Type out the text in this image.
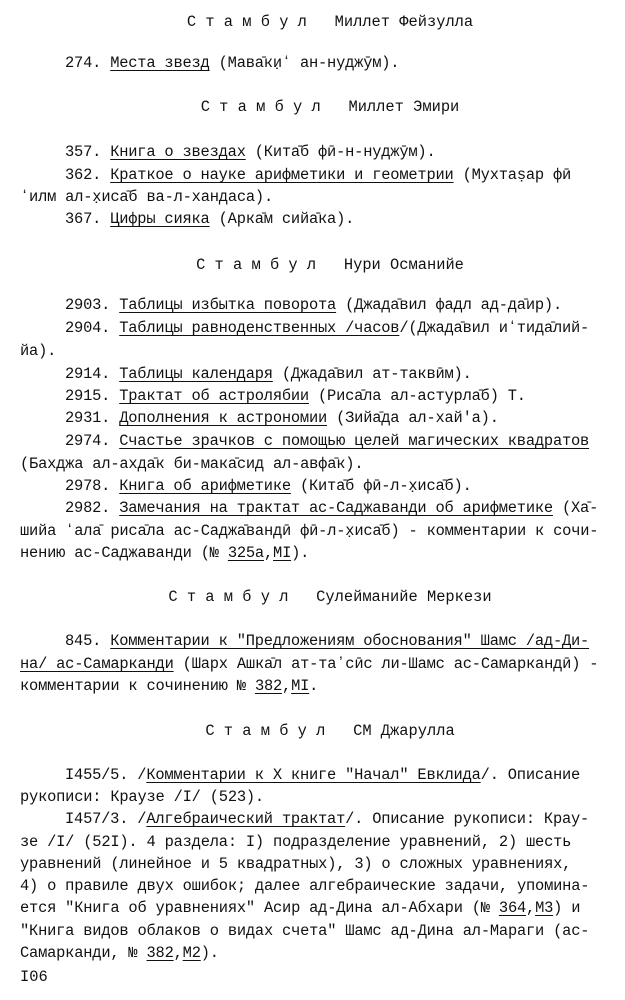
С т а м б у л   Миллет Фейзулла
274. Места звезд (Мава̄ки̣ʻ ан-нуджӯм).
С т а м б у л   Миллет Эмири
357. Книга о звездах (Кита̄б фӣ-н-нуджӯм).
362. Краткое о науке арифметики и геометрии (Мухтаṣар фӣ
ʻилм ал-х̣иса̄б ва-л-хандаса).
367. Цифры сияка (Арка̄м сийа̄ка).
С т а м б у л   Нури Османийе
2903. Таблицы избытка поворота (Джада̄вил фадл ад-да̄ир).
2904. Таблицы равноденственных /часов/(Джада̄вил иʻтида̄лий-
йа).
2914. Таблицы календаря (Джада̄вил ат-таквӣм).
2915. Трактат об астролябии (Риса̄ла ал-астурла̄б) Т.
2931. Дополнения к астрономии (Зийа̄да ал-хай'а).
2974. Счастье зрачков с помощью целей магических квадратов
(Бахджа ал-ахда̄к би-мака̄сид ал-авфа̄к).
2978. Книга об арифметике (Кита̄б фӣ-л-х̣иса̄б).
2982. Замечания на трактат ас-Саджаванди об арифметике (Ха̄-
шийа ʻала̄ риса̄ла ас-Саджа̄вандӣ фӣ-л-х̣иса̄б) - комментарии к сочи-
нению ас-Саджаванди (№ 325а,МI).
С т а м б у л   Сулейманийе Меркези
845. Комментарии к "Предложениям обоснования" Шамс /ад-Ди-
на/ ас-Самарканди (Шарх Ашка̄л ат-таʼсӣс ли-Шамс ас-Самаркандӣ) -
комментарии к сочинению № 382,МI.
С т а м б у л   СМ Джарулла
I455/5. /Комментарии к X книге "Начал" Евклида/. Описание
рукописи: Краузе /I/ (523).
I457/3. /Алгебраический трактат/. Описание рукописи: Крау-
зе /I/ (52I). 4 раздела: I) подразделение уравнений, 2) шесть
уравнений (линейное и 5 квадратных), 3) о сложных уравнениях,
4) о правиле двух ошибок; далее алгебраические задачи, упомина-
ется "Книга об уравнениях" Асир ад-Дина ал-Абхари (№ 364,М3) и
"Книга видов облаков о видах счета" Шамс ад-Дина ал-Мараги (ас-
Самарканди, № 382,М2).
I06
